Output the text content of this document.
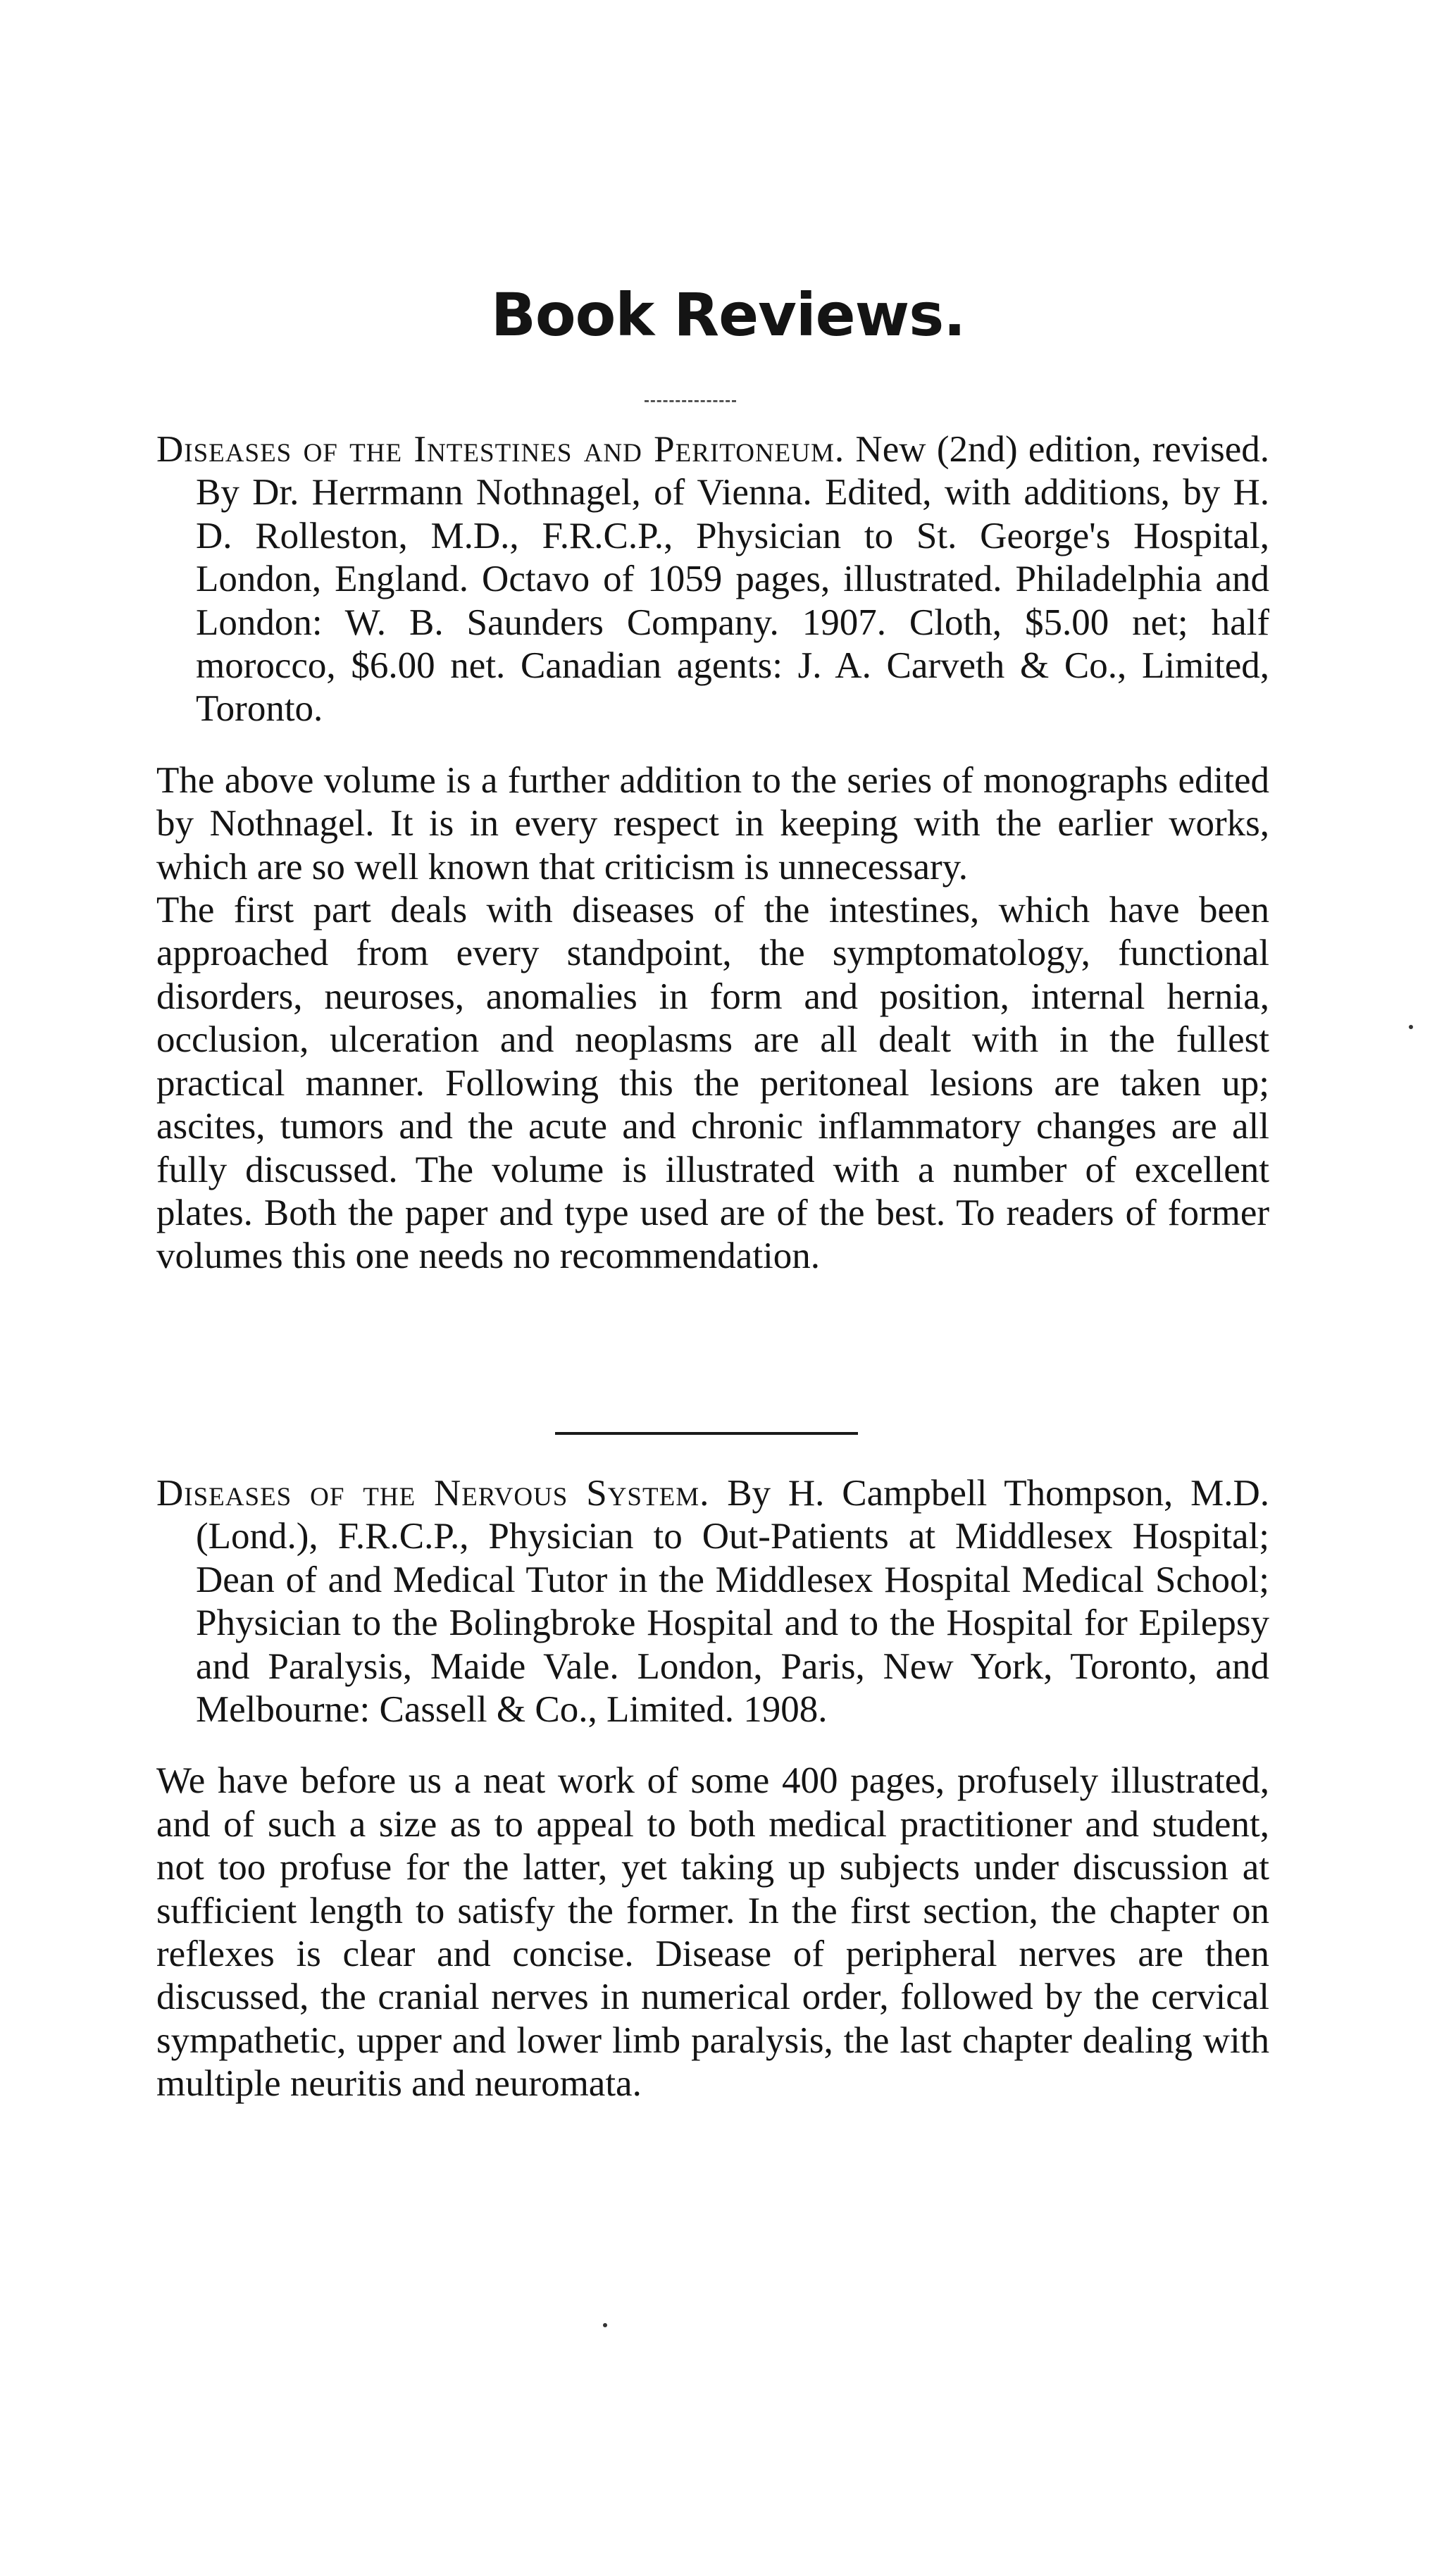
Book Reviews.

Diseases of the Intestines and Peritoneum. New (2nd) edition, revised. By Dr. Herrmann Nothnagel, of Vienna. Edited, with additions, by H. D. Rolleston, M.D., F.R.C.P., Physician to St. George's Hospital, London, England. Octavo of 1059 pages, illustrated. Philadelphia and London: W. B. Saunders Company. 1907. Cloth, $5.00 net; half morocco, $6.00 net. Canadian agents: J. A. Carveth & Co., Limited, Toronto.

The above volume is a further addition to the series of monographs edited by Nothnagel. It is in every respect in keeping with the earlier works, which are so well known that criticism is unnecessary.

The first part deals with diseases of the intestines, which have been approached from every standpoint, the symptomatology, functional disorders, neuroses, anomalies in form and position, internal hernia, occlusion, ulceration and neoplasms are all dealt with in the fullest practical manner. Following this the peritoneal lesions are taken up; ascites, tumors and the acute and chronic inflammatory changes are all fully discussed. The volume is illustrated with a number of excellent plates. Both the paper and type used are of the best. To readers of former volumes this one needs no recommendation.

Diseases of the Nervous System. By H. Campbell Thompson, M.D. (Lond.), F.R.C.P., Physician to Out-Patients at Middlesex Hospital; Dean of and Medical Tutor in the Middlesex Hospital Medical School; Physician to the Bolingbroke Hospital and to the Hospital for Epilepsy and Paralysis, Maide Vale. London, Paris, New York, Toronto, and Melbourne: Cassell & Co., Limited. 1908.

We have before us a neat work of some 400 pages, profusely illustrated, and of such a size as to appeal to both medical practitioner and student, not too profuse for the latter, yet taking up subjects under discussion at sufficient length to satisfy the former. In the first section, the chapter on reflexes is clear and concise. Disease of peripheral nerves are then discussed, the cranial nerves in numerical order, followed by the cervical sympathetic, upper and lower limb paralysis, the last chapter dealing with multiple neuritis and neuromata.
